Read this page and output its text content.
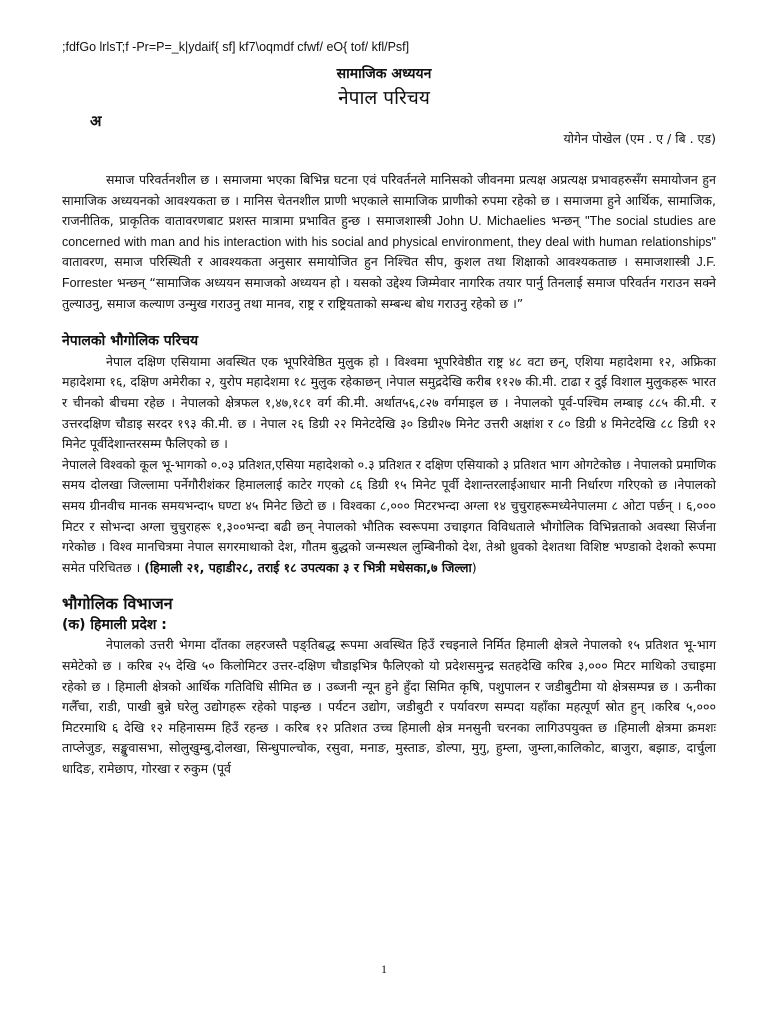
;fdfGo lrlsT;f -Pr=P=_k|ydaif{ sf] kf7\oqmdf cfwf/ eO{ tof/ kfl/Psf]
सामाजिक अध्ययन
नेपाल परिचय
अ
योगेन पोखेल (एम . ए / बि . एड)

समाज परिवर्तनशील छ । समाजमा भएका बिभिन्न घटना एवं परिवर्तनले मानिसको जीवनमा प्रत्यक्ष अप्रत्यक्ष प्रभावहरुसँग समायोजन हुन सामाजिक अध्ययनको आवश्यकता छ । मानिस चेतनशील प्राणी भएकाले सामाजिक प्राणीको रुपमा रहेको छ । समाजमा हुने आर्थिक, सामाजिक, राजनीतिक, प्राकृतिक वातावरणबाट प्रशस्त मात्रामा प्रभावित हुन्छ । समाजशास्त्री John U. Michaelies भन्छन् "The social studies are concerned with man and his interaction with his social and physical environment, they deal with human relationships" वातावरण, समाज परिस्थिती र आवश्यकता अनुसार समायोजित हुन निश्चित सीप, कुशल तथा शिक्षाको आवश्यकताछ । समाजशास्त्री J.F. Forrester भन्छन् “सामाजिक अध्ययन समाजको अध्ययन हो । यसको उद्देश्य जिम्मेवार नागरिक तयार पार्नु तिनलाई समाज परिवर्तन गराउन सक्ने तुल्याउनु, समाज कल्याण उन्मुख गराउनु तथा मानव, राष्ट्र र राष्ट्रियताको सम्बन्ध बोध गराउनु रहेको छ ।”

नेपालको भौगोलिक परिचय

नेपाल दक्षिण एसियामा अवस्थित एक भूपरिवेष्ठित मुलुक हो । विश्वमा भूपरिवेष्ठीत राष्ट्र ४८ वटा छन्, एशिया महादेशमा १२, अफ्रिका महादेशमा १६, दक्षिण अमेरीका २, युरोप महादेशमा १८ मुलुक रहेकाछन् ।नेपाल समुद्रदेखि करीब ११२७ की.मी. टाढा र दुई विशाल मुलुकहरू भारत र चीनको बीचमा रहेछ । नेपालको क्षेत्रफल १,४७,१८१ वर्ग की.मी. अर्थात५६,८२७ वर्गमाइल छ । नेपालको पूर्व-पश्चिम लम्बाइ ८८५ की.मी. र उत्तरदक्षिण चौडाइ सरदर १९३ की.मी. छ । नेपाल २६ डिग्री २२ मिनेटदेखि ३० डिग्री२७ मिनेट उत्तरी अक्षांश र ८० डिग्री ४ मिनेटदेखि ८८ डिग्री १२ मिनेट पूर्वीदेशान्तरसम्म फैलिएको छ ।

नेपालले विश्वको कूल भू-भागको ०.०३ प्रतिशत,एसिया महादेशको ०.३ प्रतिशत र दक्षिण एसियाको ३ प्रतिशत भाग ओगटेकोछ । नेपालको प्रमाणिक समय दोलखा जिल्लामा पर्नेगौरीशंकर हिमाललाई काटेर गएको ८६ डिग्री १५ मिनेट पूर्वी देशान्तरलाईआधार मानी निर्धारण गरिएको छ ।नेपालको समय ग्रीनवीच मानक समयभन्दा५ घण्टा ४५ मिनेट छिटो छ । विश्वका ८,००० मिटरभन्दा अग्ला १४ चुचुराहरूमध्येनेपालमा ८ ओटा पर्छन् । ६,००० मिटर र सोभन्दा अग्ला चुचुराहरू १,३००भन्दा बढी छन् नेपालको भौतिक स्वरूपमा उचाइगत विविधताले भौगोलिक विभिन्नताको अवस्था सिर्जना गरेकोछ । विश्व मानचित्रमा नेपाल सगरमाथाको देश, गौतम बुद्धको जन्मस्थल लुम्बिनीको देश, तेश्रो ध्रुवको देशतथा विशिष्ट भण्डाको देशको रूपमा समेत परिचितछ । (हिमाली २१, पहाडी२८, तराई १८ उपत्यका ३ र भित्री मधेसका,७ जिल्ला)

भौगोलिक विभाजन
(क) हिमाली प्रदेश :

नेपालको उत्तरी भेगमा दाँतका लहरजस्तै पङ्तिबद्ध रूपमा अवस्थित हिउँ रचइनाले निर्मित हिमाली क्षेत्रले नेपालको १५ प्रतिशत भू-भाग समेटेको छ । करिब २५ देखि ५० किलोमिटर उत्तर-दक्षिण चौडाइभित्र फैलिएको यो प्रदेशसमुन्द्र सतहदेखि करिब ३,००० मिटर माथिको उचाइमा रहेको छ । हिमाली क्षेत्रको आर्थिक गतिविधि सीमित छ । उब्जनी न्यून हुने हुँदा सिमित कृषि, पशुपालन र जडीबुटीमा यो क्षेत्रसम्पन्न छ । ऊनीका गलैँचा, राडी, पाखी बुन्ने घरेलु उद्योगहरू रहेको पाइन्छ । पर्यटन उद्योग, जडीबुटी र पर्यावरण सम्पदा यहाँका महत्पूर्ण स्रोत हुन् ।करिब ५,००० मिटरमाथि ६ देखि १२ महिनासम्म हिउँ रहन्छ । करिब १२ प्रतिशत उच्च हिमाली क्षेत्र मनसुनी चरनका लागिउपयुक्त छ ।हिमाली क्षेत्रमा क्रमशः ताप्लेजुङ, सङ्खुवासभा, सोलुखुम्बु,दोलखा, सिन्धुपाल्चोक, रसुवा, मनाङ, मुस्ताङ, डोल्पा, मुगु, हुम्ला, जुम्ला,कालिकोट, बाजुरा, बझाङ, दार्चुला धादिङ, रामेछाप, गोरखा र रुकुम (पूर्व

1
